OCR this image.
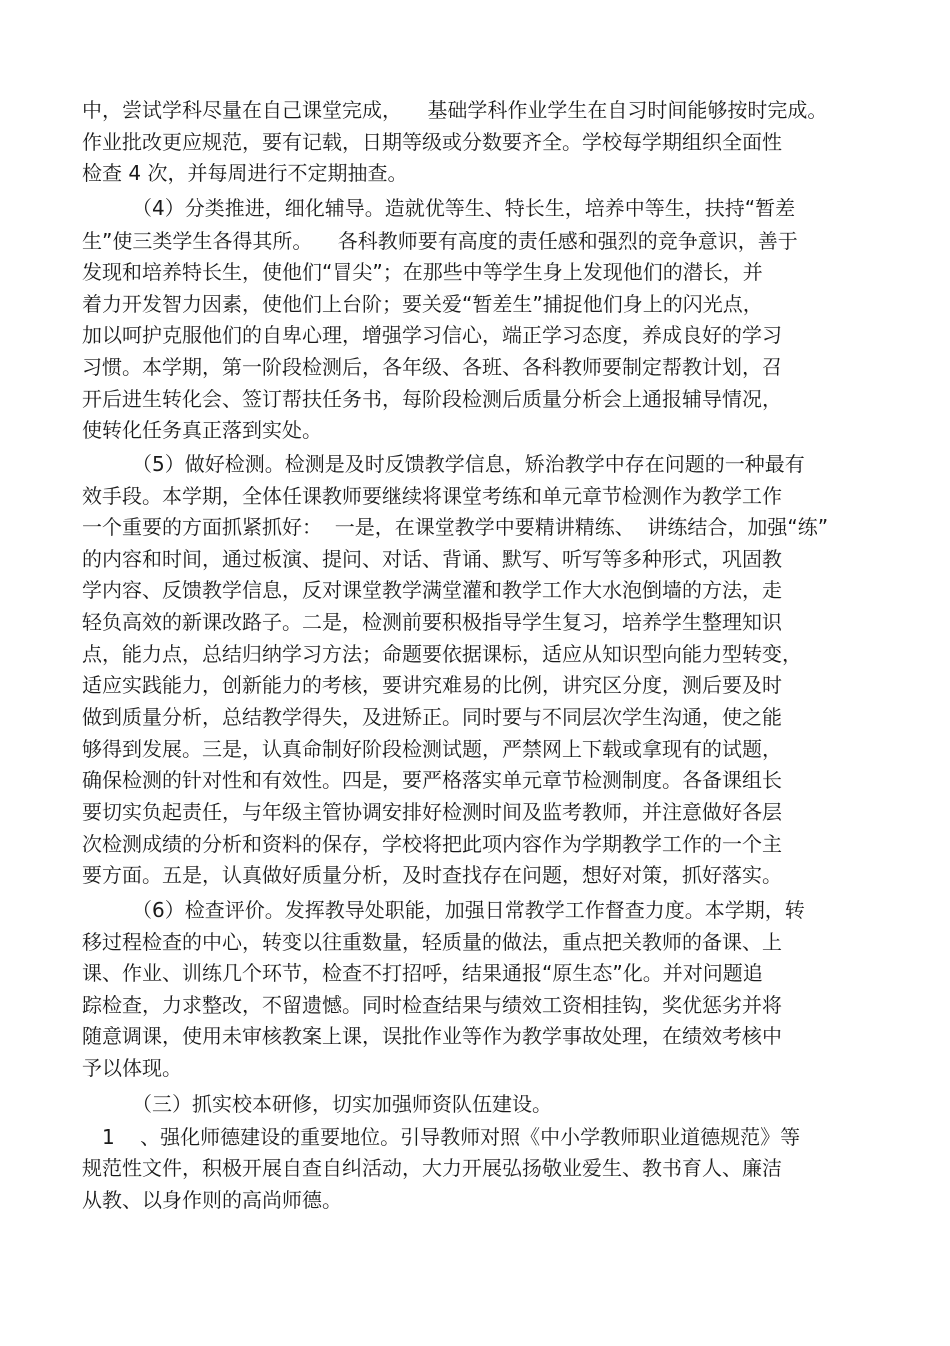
中，尝试学科尽量在自己课堂完成，    基础学科作业学生在自习时间能够按时完成。
作业批改更应规范，要有记载，日期等级或分数要齐全。学校每学期组织全面性
检查 4 次，并每周进行不定期抽查。
（4）分类推进，细化辅导。造就优等生、特长生，培养中等生，扶持“暂差
生”使三类学生各得其所。    各科教师要有高度的责任感和强烈的竞争意识，善于
发现和培养特长生，使他们“冒尖”；在那些中等学生身上发现他们的潜长，并
着力开发智力因素，使他们上台阶；要关爱“暂差生”捕捉他们身上的闪光点，
加以呵护克服他们的自卑心理，增强学习信心，端正学习态度，养成良好的学习
习惯。本学期，第一阶段检测后，各年级、各班、各科教师要制定帮教计划，召
开后进生转化会、签订帮扶任务书，每阶段检测后质量分析会上通报辅导情况，
使转化任务真正落到实处。
（5）做好检测。检测是及时反馈教学信息，矫治教学中存在问题的一种最有
效手段。本学期，全体任课教师要继续将课堂考练和单元章节检测作为教学工作
一个重要的方面抓紧抓好：  一是，在课堂教学中要精讲精练、  讲练结合，加强“练”
的内容和时间，通过板演、提问、对话、背诵、默写、听写等多种形式，巩固教
学内容、反馈教学信息，反对课堂教学满堂灌和教学工作大水泡倒墙的方法，走
轻负高效的新课改路子。二是，检测前要积极指导学生复习，培养学生整理知识
点，能力点，总结归纳学习方法；命题要依据课标，适应从知识型向能力型转变，
适应实践能力，创新能力的考核，要讲究难易的比例，讲究区分度，测后要及时
做到质量分析，总结教学得失，及进矫正。同时要与不同层次学生沟通，使之能
够得到发展。三是，认真命制好阶段检测试题，严禁网上下载或拿现有的试题，
确保检测的针对性和有效性。四是，要严格落实单元章节检测制度。各备课组长
要切实负起责任，与年级主管协调安排好检测时间及监考教师，并注意做好各层
次检测成绩的分析和资料的保存，学校将把此项内容作为学期教学工作的一个主
要方面。五是，认真做好质量分析，及时查找存在问题，想好对策，抓好落实。
（6）检查评价。发挥教导处职能，加强日常教学工作督查力度。本学期，转
移过程检查的中心，转变以往重数量，轻质量的做法，重点把关教师的备课、上
课、作业、训练几个环节，检查不打招呼，结果通报“原生态”化。并对问题追
踪检查，力求整改，不留遗憾。同时检查结果与绩效工资相挂钩，奖优惩劣并将
随意调课，使用未审核教案上课，误批作业等作为教学事故处理，在绩效考核中
予以体现。
（三）抓实校本研修，切实加强师资队伍建设。
1    、强化师德建设的重要地位。引导教师对照《中小学教师职业道德规范》等
规范性文件，积极开展自查自纠活动，大力开展弘扬敬业爱生、教书育人、廉洁
从教、以身作则的高尚师德。
